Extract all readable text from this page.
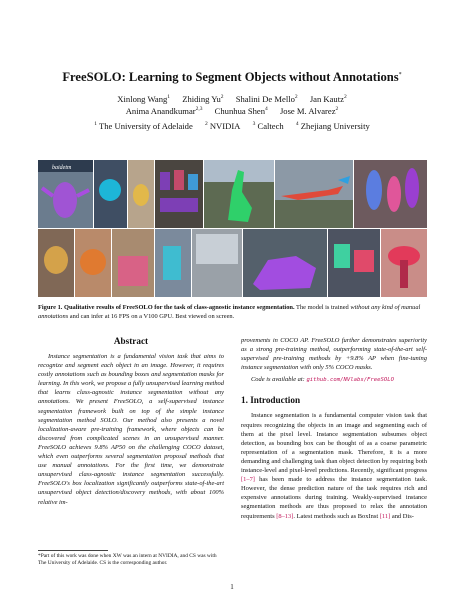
FreeSOLO: Learning to Segment Objects without Annotations*
Xinlong Wang$^1$ Zhiding Yu$^2$ Shalini De Mello$^2$ Jan Kautz$^2$
Anima Anandkumar$^{2,3}$ Chunhua Shen$^4$ Jose M. Alvarez$^2$
$^1$ The University of Adelaide $^2$ NVIDIA $^3$ Caltech $^4$ Zhejiang University
baidetm
Figure 1. Qualitative results of FreeSOLO for the task of class-agnostic instance segmentation. The model is trained without any kind of manual annotations and can infer at 16 FPS on a V100 GPU. Best viewed on screen.
Abstract

Instance segmentation is a fundamental vision task that aims to recognize and segment each object in an image. However, it requires costly annotations such as bounding boxes and segmentation masks for learning. In this work, we propose a fully unsupervised learning method that learns class-agnostic instance segmentation without any annotations. We present FreeSOLO, a self-supervised instance segmentation framework built on top of the simple instance segmentation method SOLO. Our method also presents a novel localization-aware pre-training framework, where objects can be discovered from complicated scenes in an unsupervised manner. FreeSOLO achieves 9.8% AP50 on the challenging COCO dataset, which even outperforms several segmentation proposal methods that use manual annotations. For the first time, we demonstrate unsupervised class-agnostic instance segmentation successfully. FreeSOLO's box localization significantly outperforms state-of-the-art unsupervised object detection/discovery methods, with about 100% relative im-

*Part of this work was done when XW was an intern at NVIDIA, and CS was with The University of Adelaide. CS is the corresponding author.

provements in COCO AP. FreeSOLO further demonstrates superiority as a strong pre-training method, outperforming state-of-the-art self-supervised pre-training methods by +9.8% AP when fine-tuning instance segmentation with only 5% COCO masks.

Code is available at: github.com/NVlabs/FreeSOLO

1. Introduction

Instance segmentation is a fundamental computer vision task that requires recognizing the objects in an image and segmenting each of them at the pixel level. Instance segmentation subsumes object detection, as bounding box can be thought of as a coarse parametric representation of a segmentation mask. Therefore, it is a more demanding and challenging task than object detection by requiring both instance-level and pixel-level predictions. Recently, significant progress [1–7] has been made to address the instance segmentation task. However, the dense prediction nature of the task requires rich and expensive annotations during training. Weakly-supervised instance segmentation methods are thus proposed to relax the annotation requirements [8–13]. Latest methods such as BoxInst [11] and Dis-

1
